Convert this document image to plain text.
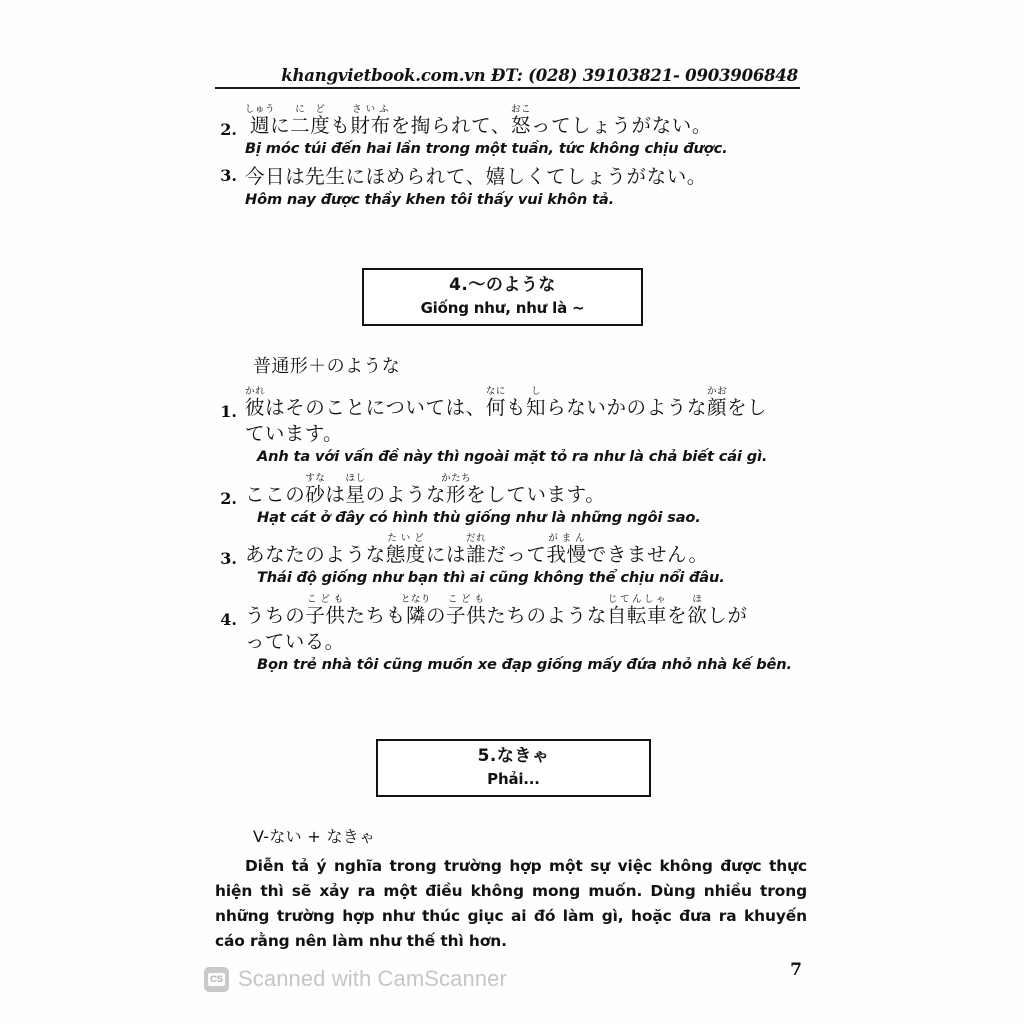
khangvietbook.com.vn ĐT: (028) 39103821- 0903906848
2. 週しゅうに二度にども財布さいふを掏られて、怒おこってしょうがない。
Bị móc túi đến hai lần trong một tuần, tức không chịu được.
3. 今日は先生にほめられて、嬉しくてしょうがない。
Hôm nay được thầy khen tôi thấy vui khôn tả.
4.〜のような
Giống như, như là ~
普通形＋のような
1. 彼かれはそのことについては、何なにも知しらないかのような顔かおをし
ています。
Anh ta với vấn đề này thì ngoài mặt tỏ ra như là chả biết cái gì.
2. ここの砂すなは星ほしのような形かたちをしています。
Hạt cát ở đây có hình thù giống như là những ngôi sao.
3. あなたのような態度たいどには誰だれだって我慢がまんできません。
Thái độ giống như bạn thì ai cũng không thể chịu nổi đâu.
4. うちの子供こどもたちも隣となりの子供こどもたちのような自転車じてんしゃを欲ほしが
っている。
Bọn trẻ nhà tôi cũng muốn xe đạp giống mấy đứa nhỏ nhà kế bên.
5.なきゃ
Phải...
V-ない + なきゃ
Diễn tả ý nghĩa trong trường hợp một sự việc không được thực hiện thì sẽ xảy ra một điều không mong muốn. Dùng nhiều trong những trường hợp như thúc giục ai đó làm gì, hoặc đưa ra khuyến cáo rằng nên làm như thế thì hơn.
CS Scanned with CamScanner	7
